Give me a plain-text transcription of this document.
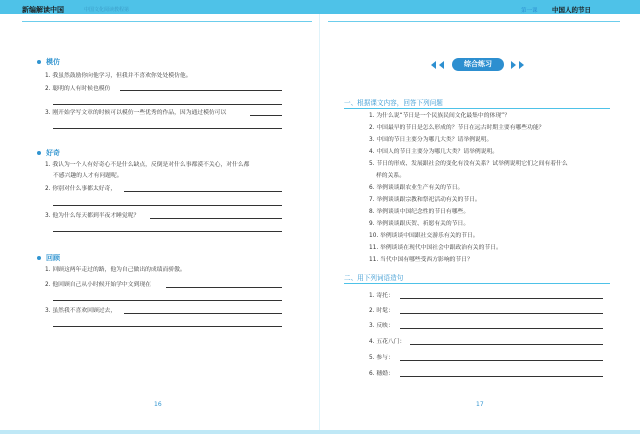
新编解读中国	中国文化阅读教程第	第一课 中国人的节日
模仿
1. 我虽然鼓励你向他学习，但我并不喜欢你处处模仿他。
2. 聪明的人有时候也模仿
3. 刚开始学写文章的时候可以模仿一些优秀的作品，因为通过模仿可以
好奇
1. 我认为一个人有好奇心不是什么缺点，反倒是对什么事都漠不关心，对什么都
不感兴趣的人才有问题呢。
2. 你别对什么事都太好奇，
3. 他为什么每天都到半夜才睡觉呢？
回顾
1. 回顾这两年走过的路，他为自己做出的成绩而骄傲。
2. 他回顾自己从小时候开始学中文到现在
3. 虽然我不喜欢回顾过去，
16
综合练习
一、根据课文内容，回答下列问题
1. 为什么说“节日是一个民族民间文化最集中的体现”？
2. 中国最早的节日是怎么形成的？节日在远古时期主要有哪些功能？
3. 中国的节日主要分为哪几大类？请举例说明。
4. 中国人的节日主要分为哪几大类？请举例说明。
5. 节日的形成、发展跟社会的变化有没有关系？试举例说明它们之间有着什么
样的关系。
6. 举例谈谈跟农业生产有关的节日。
7. 举例谈谈跟宗教和祭祀活动有关的节日。
8. 举例谈谈中国纪念性的节日有哪些。
9. 举例谈谈跟庆贺、祈愿有关的节日。
10. 举例谈谈中国跟社交游乐有关的节日。
11. 举例谈谈在现代中国社会中跟政治有关的节日。
11. 当代中国有哪些受西方影响的节日？
二、用下列词语造句
1. 寄托：
2. 时髦：
3. 反映：
4. 五花八门：
5. 参与：
6. 穗婚：
17
